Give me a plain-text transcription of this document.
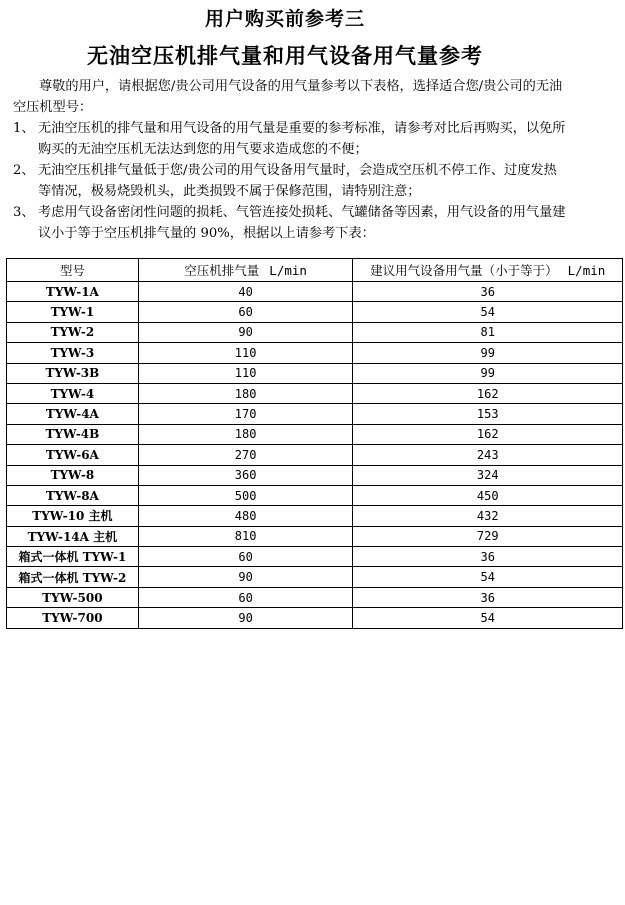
用户购买前参考三
无油空压机排气量和用气设备用气量参考
尊敬的用户，请根据您/贵公司用气设备的用气量参考以下表格，选择适合您/贵公司的无油空压机型号：
1、 无油空压机的排气量和用气设备的用气量是重要的参考标准，请参考对比后再购买，以免所购买的无油空压机无法达到您的用气要求造成您的不便；
2、 无油空压机排气量低于您/贵公司的用气设备用气量时，会造成空压机不停工作、过度发热等情况，极易烧毁机头，此类损毁不属于保修范围，请特别注意；
3、 考虑用气设备密闭性问题的损耗、气管连接处损耗、气罐储备等因素，用气设备的用气量建议小于等于空压机排气量的 90%，根据以上请参考下表：
型号	空压机排气量 L/min	建议用气设备用气量（小于等于） L/min
TYW-1A	40	36
TYW-1	60	54
TYW-2	90	81
TYW-3	110	99
TYW-3B	110	99
TYW-4	180	162
TYW-4A	170	153
TYW-4B	180	162
TYW-6A	270	243
TYW-8	360	324
TYW-8A	500	450
TYW-10 主机	480	432
TYW-14A 主机	810	729
箱式一体机 TYW-1	60	36
箱式一体机 TYW-2	90	54
TYW-500	60	36
TYW-700	90	54
